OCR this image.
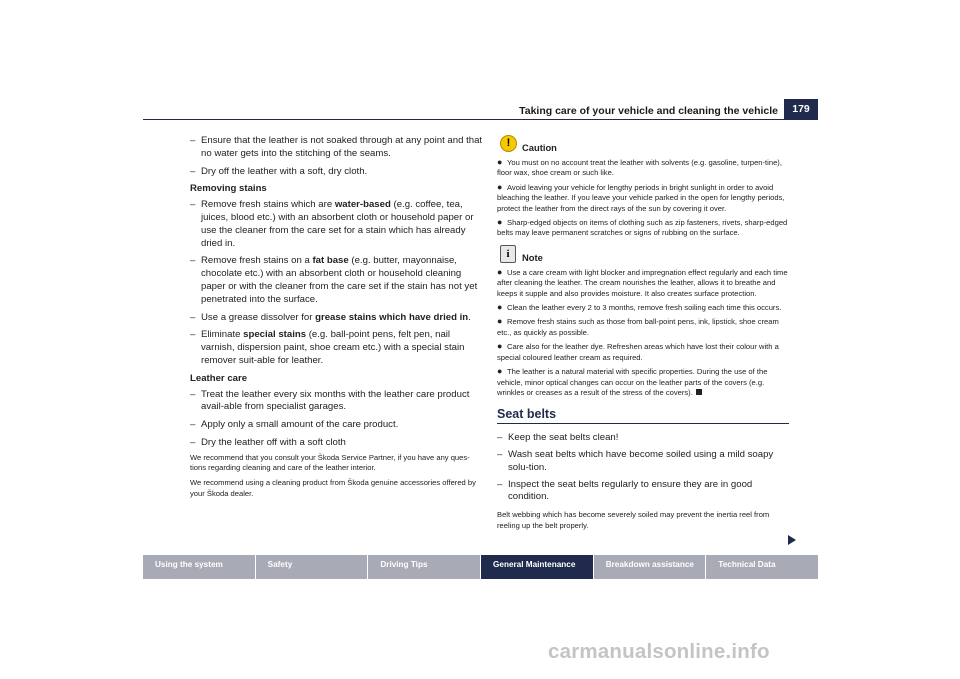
Taking care of your vehicle and cleaning the vehicle	179
– Ensure that the leather is not soaked through at any point and that no water gets into the stitching of the seams.
– Dry off the leather with a soft, dry cloth.
Removing stains
– Remove fresh stains which are water-based (e.g. coffee, tea, juices, blood etc.) with an absorbent cloth or household paper or use the cleaner from the care set for a stain which has already dried in.
– Remove fresh stains on a fat base (e.g. butter, mayonnaise, chocolate etc.) with an absorbent cloth or household cleaning paper or with the cleaner from the care set if the stain has not yet penetrated into the surface.
– Use a grease dissolver for grease stains which have dried in.
– Eliminate special stains (e.g. ball-point pens, felt pen, nail varnish, dispersion paint, shoe cream etc.) with a special stain remover suit-able for leather.
Leather care
– Treat the leather every six months with the leather care product avail-able from specialist garages.
– Apply only a small amount of the care product.
– Dry the leather off with a soft cloth
We recommend that you consult your Škoda Service Partner, if you have any ques-tions regarding cleaning and care of the leather interior.
We recommend using a cleaning product from Škoda genuine accessories offered by your Škoda dealer.
!	Caution
● You must on no account treat the leather with solvents (e.g. gasoline, turpen-tine), floor wax, shoe cream or such like.
● Avoid leaving your vehicle for lengthy periods in bright sunlight in order to avoid bleaching the leather. If you leave your vehicle parked in the open for lengthy periods, protect the leather from the direct rays of the sun by covering it over.
● Sharp-edged objects on items of clothing such as zip fasteners, rivets, sharp-edged belts may leave permanent scratches or signs of rubbing on the surface.
i	Note
● Use a care cream with light blocker and impregnation effect regularly and each time after cleaning the leather. The cream nourishes the leather, allows it to breathe and keeps it supple and also provides moisture. It also creates surface protection.
● Clean the leather every 2 to 3 months, remove fresh soiling each time this occurs.
● Remove fresh stains such as those from ball-point pens, ink, lipstick, shoe cream etc., as quickly as possible.
● Care also for the leather dye. Refreshen areas which have lost their colour with a special coloured leather cream as required.
● The leather is a natural material with specific properties. During the use of the vehicle, minor optical changes can occur on the leather parts of the covers (e.g. wrinkles or creases as a result of the stress of the covers).
Seat belts
– Keep the seat belts clean!
– Wash seat belts which have become soiled using a mild soapy solu-tion.
– Inspect the seat belts regularly to ensure they are in good condition.
Belt webbing which has become severely soiled may prevent the inertia reel from reeling up the belt properly.
Using the system	Safety	Driving Tips	General Maintenance	Breakdown assistance	Technical Data
carmanualsonline.info
